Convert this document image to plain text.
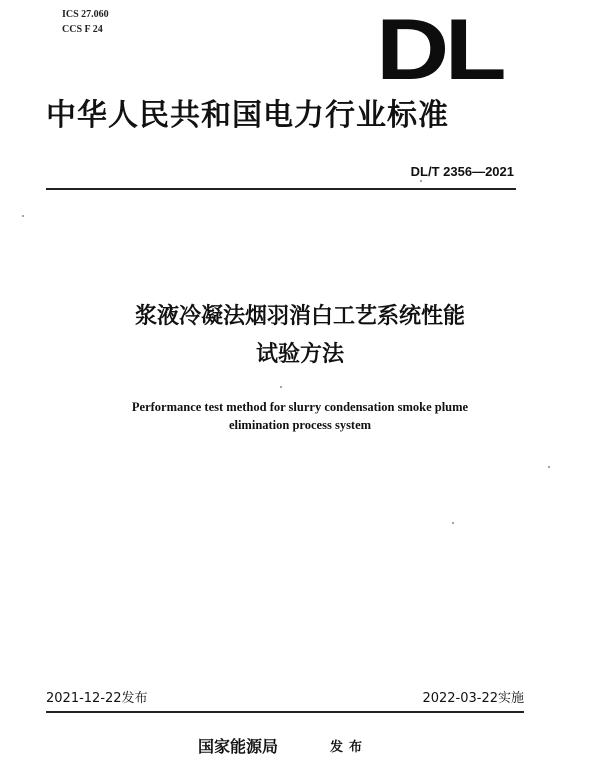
ICS 27.060
CCS F 24	DL
中华人民共和国电力行业标准
DL/T 2356—2021
浆液冷凝法烟羽消白工艺系统性能
试验方法
Performance test method for slurry condensation smoke plume
elimination process system
2021-12-22发布	2022-03-22实施
国家能源局	发布
